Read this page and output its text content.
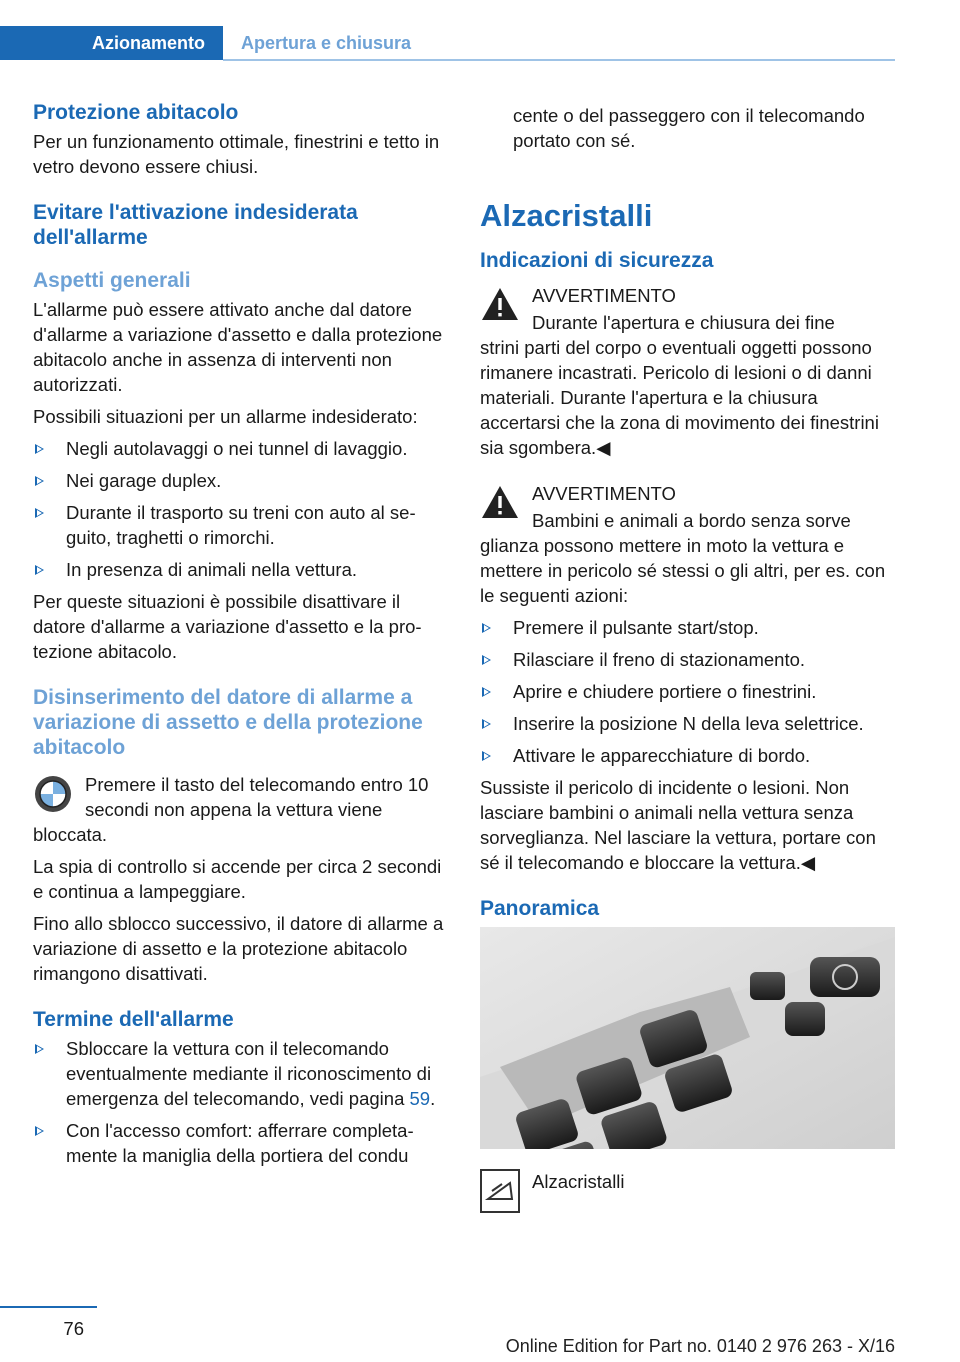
Azionamento	Apertura e chiusura
Protezione abitacolo

Per un funzionamento ottimale, finestrini e tetto in vetro devono essere chiusi.

Evitare l'attivazione indesiderata dell'allarme
Aspetti generali

L'allarme può essere attivato anche dal datore d'allarme a variazione d'assetto e dalla protezione abitacolo anche in assenza di interventi non autorizzati.

Possibili situazioni per un allarme indesiderato:

Negli autolavaggi o nei tunnel di lavaggio.
Nei garage duplex.
Durante il trasporto su treni con auto al seguito, traghetti o rimorchi.
In presenza di animali nella vettura.

Per queste situazioni è possibile disattivare il datore d'allarme a variazione d'assetto e la protezione abitacolo.

Disinserimento del datore di allarme a variazione di assetto e della protezione abitacolo

Premere il tasto del telecomando entro 10 secondi non appena la vettura viene

bloccata.

La spia di controllo si accende per circa 2 secondi e continua a lampeggiare.

Fino allo sblocco successivo, il datore di allarme a variazione di assetto e la protezione abitacolo rimangono disattivati.

Termine dell'allarme
Sbloccare la vettura con il telecomando eventualmente mediante il riconoscimento di emergenza del telecomando, vedi pagina 59.
Con l'accesso comfort: afferrare completamente la maniglia della portiera del condu

cente o del passeggero con il telecomando portato con sé.

Alzacristalli
Indicazioni di sicurezza

AVVERTIMENTO

Durante l'apertura e chiusura dei fine

strini parti del corpo o eventuali oggetti possono rimanere incastrati. Pericolo di lesioni o di danni materiali. Durante l'apertura e la chiusura accertarsi che la zona di movimento dei finestrini sia sgombera.◀

AVVERTIMENTO

Bambini e animali a bordo senza sorve

glianza possono mettere in moto la vettura e mettere in pericolo sé stessi o gli altri, per es. con le seguenti azioni:

Premere il pulsante start/stop.
Rilasciare il freno di stazionamento.
Aprire e chiudere portiere o finestrini.
Inserire la posizione N della leva selettrice.
Attivare le apparecchiature di bordo.

Sussiste il pericolo di incidente o lesioni. Non lasciare bambini o animali nella vettura senza sorveglianza. Nel lasciare la vettura, portare con sé il telecomando e bloccare la vettura.◀

Panoramica

Alzacristalli

76
Online Edition for Part no. 0140 2 976 263 - X/16
